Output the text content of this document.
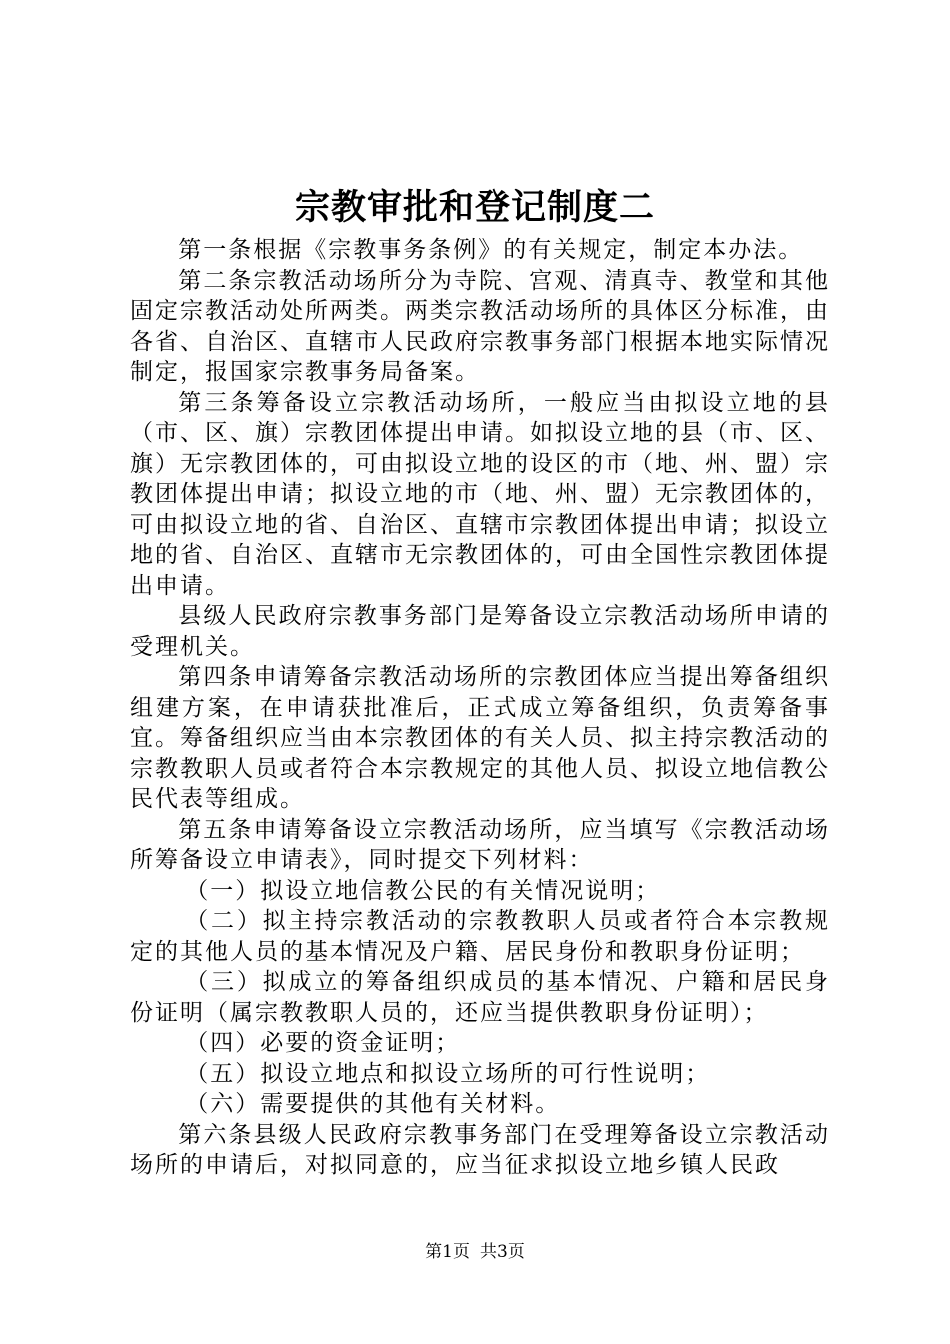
宗教审批和登记制度二

第一条根据《宗教事务条例》的有关规定，制定本办法。

第二条宗教活动场所分为寺院、宫观、清真寺、教堂和其他固定宗教活动处所两类。两类宗教活动场所的具体区分标准，由各省、自治区、直辖市人民政府宗教事务部门根据本地实际情况制定，报国家宗教事务局备案。

第三条筹备设立宗教活动场所，一般应当由拟设立地的县（市、区、旗）宗教团体提出申请。如拟设立地的县（市、区、旗）无宗教团体的，可由拟设立地的设区的市（地、州、盟）宗教团体提出申请；拟设立地的市（地、州、盟）无宗教团体的，可由拟设立地的省、自治区、直辖市宗教团体提出申请；拟设立地的省、自治区、直辖市无宗教团体的，可由全国性宗教团体提出申请。

县级人民政府宗教事务部门是筹备设立宗教活动场所申请的受理机关。

第四条申请筹备宗教活动场所的宗教团体应当提出筹备组织组建方案，在申请获批准后，正式成立筹备组织，负责筹备事宜。筹备组织应当由本宗教团体的有关人员、拟主持宗教活动的宗教教职人员或者符合本宗教规定的其他人员、拟设立地信教公民代表等组成。

第五条申请筹备设立宗教活动场所，应当填写《宗教活动场所筹备设立申请表》，同时提交下列材料：

（一）拟设立地信教公民的有关情况说明；

（二）拟主持宗教活动的宗教教职人员或者符合本宗教规定的其他人员的基本情况及户籍、居民身份和教职身份证明；

（三）拟成立的筹备组织成员的基本情况、户籍和居民身份证明（属宗教教职人员的，还应当提供教职身份证明）；

（四）必要的资金证明；

（五）拟设立地点和拟设立场所的可行性说明；

（六）需要提供的其他有关材料。

第六条县级人民政府宗教事务部门在受理筹备设立宗教活动场所的申请后，对拟同意的，应当征求拟设立地乡镇人民政

第1页 共3页
